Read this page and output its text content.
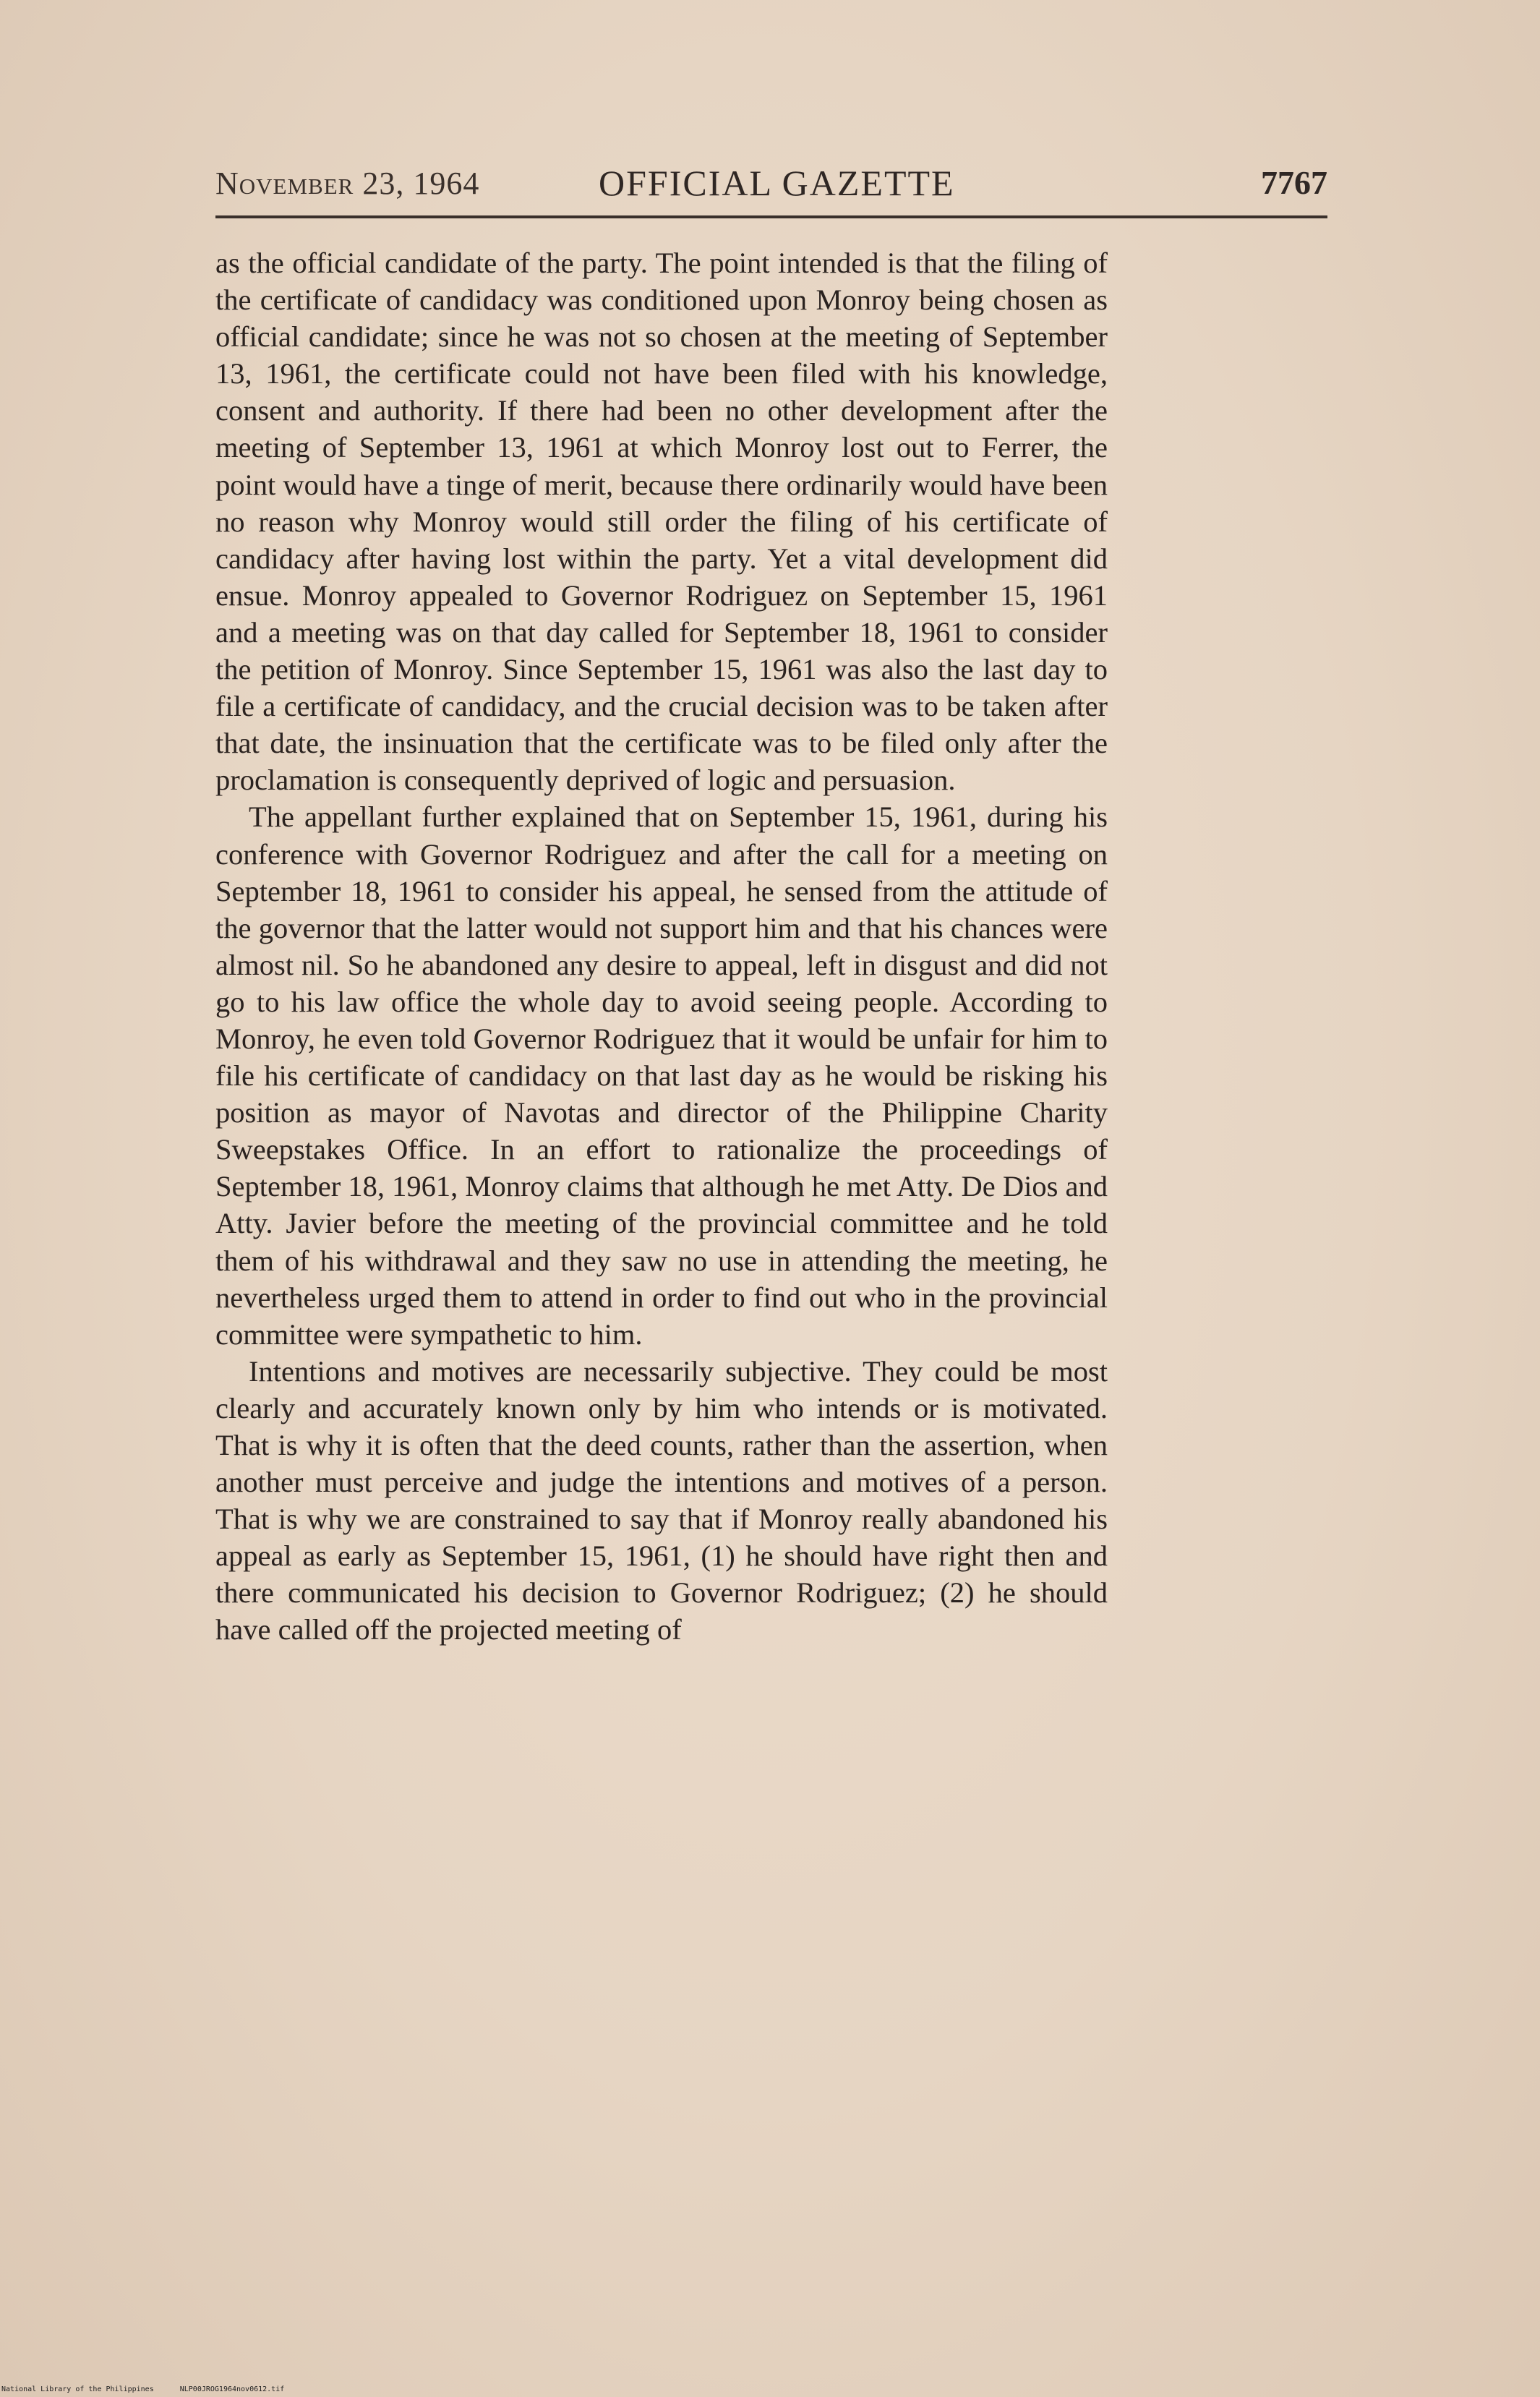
November 23, 1964	OFFICIAL GAZETTE	7767

as the official candidate of the party. The point intended is that the filing of the certificate of candidacy was conditioned upon Monroy being chosen as official candidate; since he was not so chosen at the meeting of September 13, 1961, the certificate could not have been filed with his knowledge, consent and authority. If there had been no other development after the meeting of September 13, 1961 at which Monroy lost out to Ferrer, the point would have a tinge of merit, because there ordinarily would have been no reason why Monroy would still order the filing of his certificate of candidacy after having lost within the party. Yet a vital development did ensue. Monroy appealed to Governor Rodriguez on September 15, 1961 and a meeting was on that day called for September 18, 1961 to consider the petition of Monroy. Since September 15, 1961 was also the last day to file a certificate of candidacy, and the crucial decision was to be taken after that date, the insinuation that the certificate was to be filed only after the proclamation is consequently deprived of logic and persuasion.

The appellant further explained that on September 15, 1961, during his conference with Governor Rodriguez and after the call for a meeting on September 18, 1961 to consider his appeal, he sensed from the attitude of the governor that the latter would not support him and that his chances were almost nil. So he abandoned any desire to appeal, left in disgust and did not go to his law office the whole day to avoid seeing people. According to Monroy, he even told Governor Rodriguez that it would be unfair for him to file his certificate of candidacy on that last day as he would be risking his position as mayor of Navotas and director of the Philippine Charity Sweepstakes Office. In an effort to rationalize the proceedings of September 18, 1961, Monroy claims that although he met Atty. De Dios and Atty. Javier before the meeting of the provincial committee and he told them of his withdrawal and they saw no use in attending the meeting, he nevertheless urged them to attend in order to find out who in the provincial committee were sympathetic to him.

Intentions and motives are necessarily subjective. They could be most clearly and accurately known only by him who intends or is motivated. That is why it is often that the deed counts, rather than the assertion, when another must perceive and judge the intentions and motives of a person. That is why we are constrained to say that if Monroy really abandoned his appeal as early as September 15, 1961, (1) he should have right then and there communicated his decision to Governor Rodriguez; (2) he should have called off the projected meeting of

National Library of the Philippines	NLP00JROG1964nov0612.tif
